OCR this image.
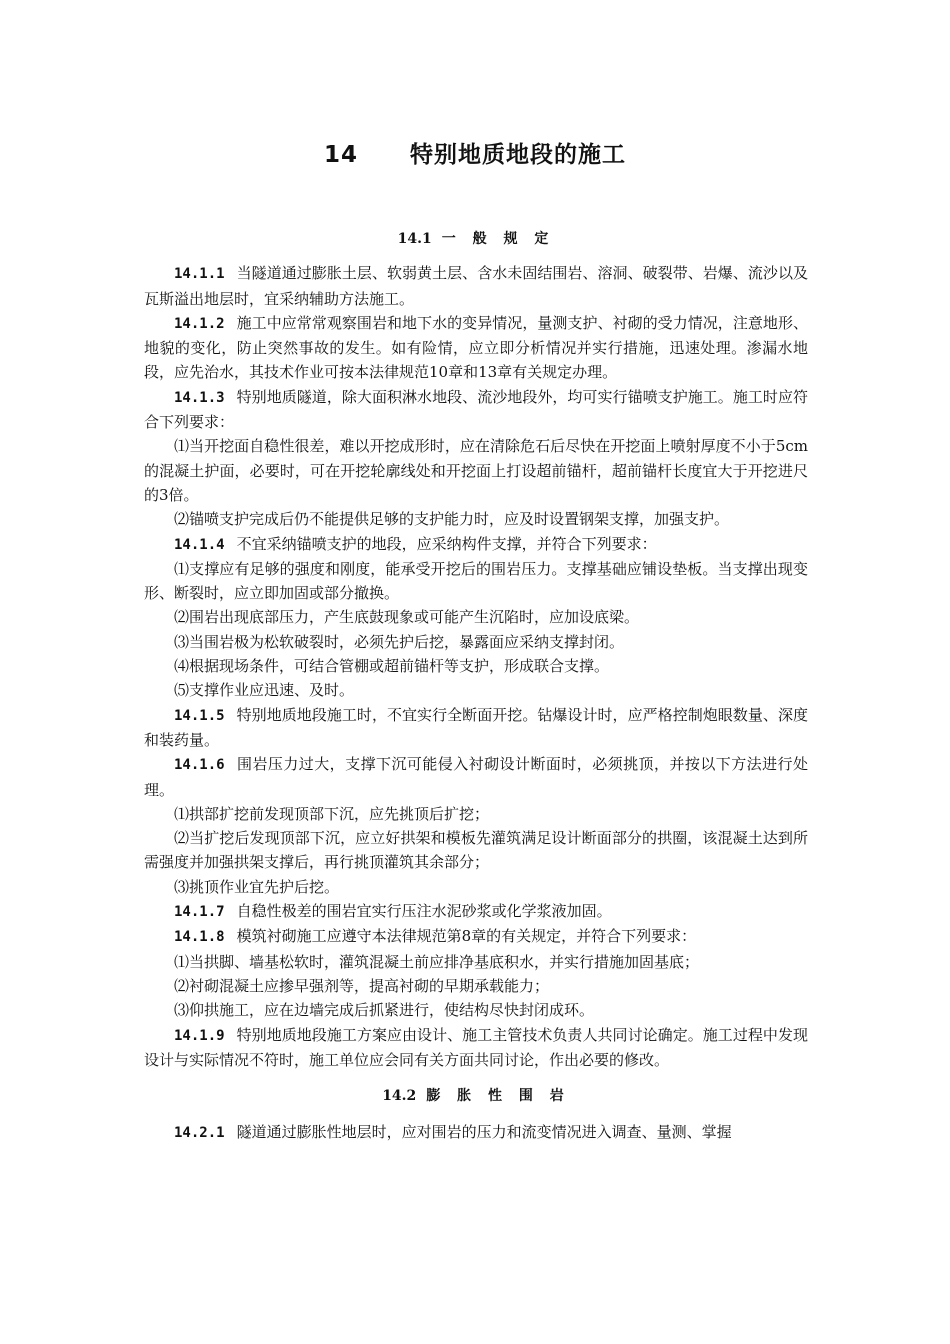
14 特别地质地段的施工
14.1 一 般 规 定

14.1.1 当隧道通过膨胀土层、软弱黄土层、含水未固结围岩、溶洞、破裂带、岩爆、流沙以及瓦斯溢出地层时，宜采纳辅助方法施工。

14.1.2 施工中应常常观察围岩和地下水的变异情况，量测支护、衬砌的受力情况，注意地形、地貌的变化，防止突然事故的发生。如有险情，应立即分析情况并实行措施，迅速处理。渗漏水地段，应先治水，其技术作业可按本法律规范10章和13章有关规定办理。

14.1.3 特别地质隧道，除大面积淋水地段、流沙地段外，均可实行锚喷支护施工。施工时应符合下列要求：

⑴当开挖面自稳性很差，难以开挖成形时，应在清除危石后尽快在开挖面上喷射厚度不小于5cm的混凝土护面，必要时，可在开挖轮廓线处和开挖面上打设超前锚杆，超前锚杆长度宜大于开挖进尺的3倍。

⑵锚喷支护完成后仍不能提供足够的支护能力时，应及时设置钢架支撑，加强支护。

14.1.4 不宜采纳锚喷支护的地段，应采纳构件支撑，并符合下列要求：

⑴支撑应有足够的强度和刚度，能承受开挖后的围岩压力。支撑基础应铺设垫板。当支撑出现变形、断裂时，应立即加固或部分撤换。

⑵围岩出现底部压力，产生底鼓现象或可能产生沉陷时，应加设底梁。

⑶当围岩极为松软破裂时，必须先护后挖，暴露面应采纳支撑封闭。

⑷根据现场条件，可结合管棚或超前锚杆等支护，形成联合支撑。

⑸支撑作业应迅速、及时。

14.1.5 特别地质地段施工时，不宜实行全断面开挖。钻爆设计时，应严格控制炮眼数量、深度和装药量。

14.1.6 围岩压力过大，支撑下沉可能侵入衬砌设计断面时，必须挑顶，并按以下方法进行处理。

⑴拱部扩挖前发现顶部下沉，应先挑顶后扩挖；

⑵当扩挖后发现顶部下沉，应立好拱架和模板先灌筑满足设计断面部分的拱圈，该混凝土达到所需强度并加强拱架支撑后，再行挑顶灌筑其余部分；

⑶挑顶作业宜先护后挖。

14.1.7 自稳性极差的围岩宜实行压注水泥砂浆或化学浆液加固。

14.1.8 模筑衬砌施工应遵守本法律规范第8章的有关规定，并符合下列要求：

⑴当拱脚、墙基松软时，灌筑混凝土前应排净基底积水，并实行措施加固基底；

⑵衬砌混凝土应掺早强剂等，提高衬砌的早期承载能力；

⑶仰拱施工，应在边墙完成后抓紧进行，使结构尽快封闭成环。

14.1.9 特别地质地段施工方案应由设计、施工主管技术负责人共同讨论确定。施工过程中发现设计与实际情况不符时，施工单位应会同有关方面共同讨论，作出必要的修改。

14.2 膨 胀 性 围 岩

14.2.1 隧道通过膨胀性地层时，应对围岩的压力和流变情况进入调查、量测、掌握
